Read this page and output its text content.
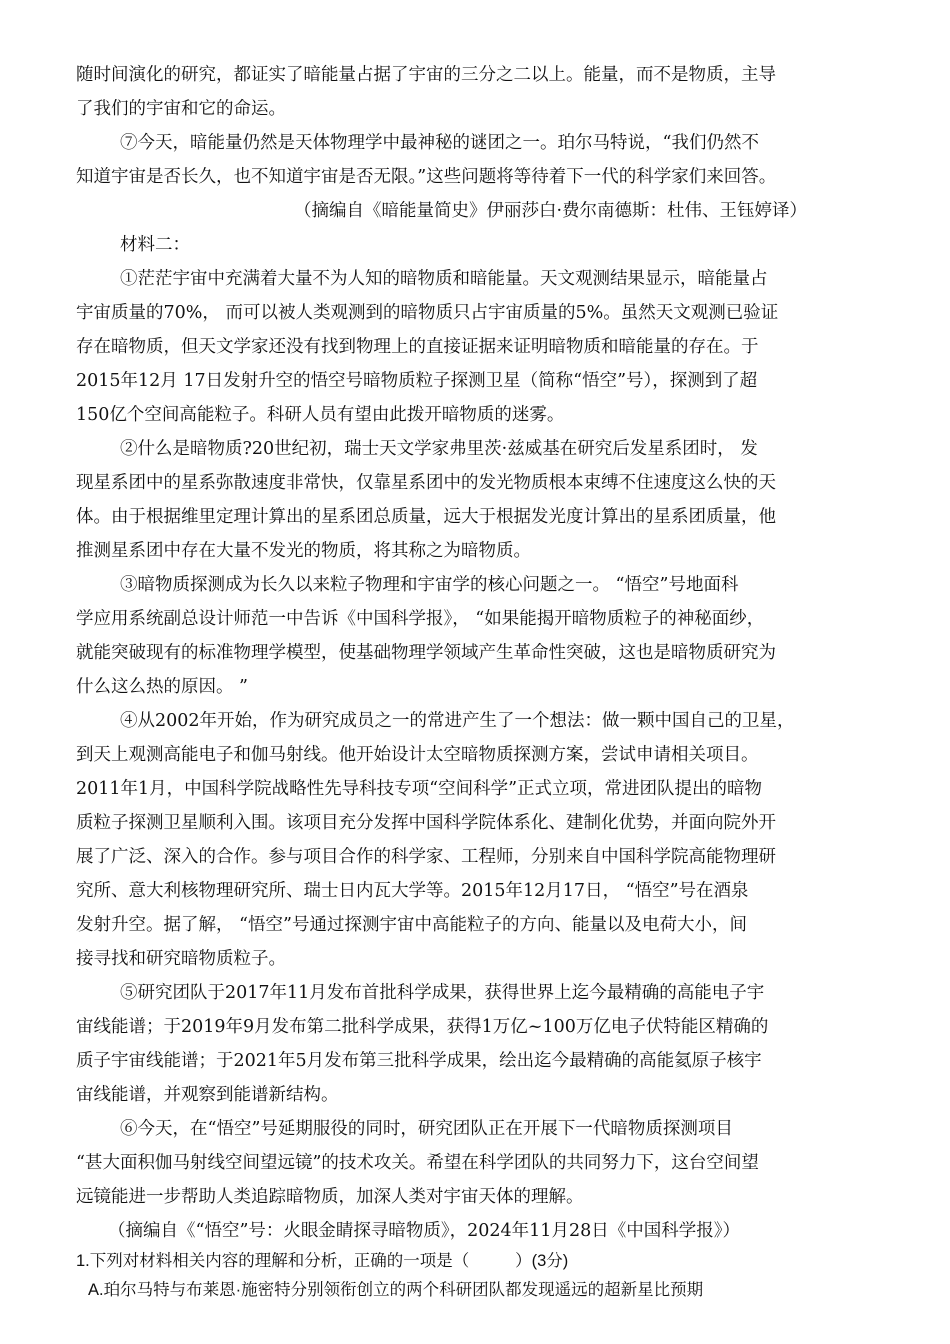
随时间演化的研究，都证实了暗能量占据了宇宙的三分之二以上。能量，而不是物质，主导

了我们的宇宙和它的命运。

⑦今天，暗能量仍然是天体物理学中最神秘的谜团之一。珀尔马特说，“我们仍然不

知道宇宙是否长久，也不知道宇宙是否无限。”这些问题将等待着下一代的科学家们来回答。

（摘编自《暗能量简史》伊丽莎白·费尔南德斯：杜伟、王钰婷译）

材料二：

①茫茫宇宙中充满着大量不为人知的暗物质和暗能量。天文观测结果显示，暗能量占

宇宙质量的70%， 而可以被人类观测到的暗物质只占宇宙质量的5%。虽然天文观测已验证

存在暗物质，但天文学家还没有找到物理上的直接证据来证明暗物质和暗能量的存在。于

2015年12月 17日发射升空的悟空号暗物质粒子探测卫星（简称“悟空”号），探测到了超

150亿个空间高能粒子。科研人员有望由此拨开暗物质的迷雾。

②什么是暗物质?20世纪初，瑞士天文学家弗里茨·兹威基在研究后发星系团时， 发

现星系团中的星系弥散速度非常快，仅靠星系团中的发光物质根本束缚不住速度这么快的天

体。由于根据维里定理计算出的星系团总质量，远大于根据发光度计算出的星系团质量，他

推测星系团中存在大量不发光的物质，将其称之为暗物质。

③暗物质探测成为长久以来粒子物理和宇宙学的核心问题之一。 “悟空”号地面科

学应用系统副总设计师范一中告诉《中国科学报》， “如果能揭开暗物质粒子的神秘面纱，

就能突破现有的标准物理学模型，使基础物理学领域产生革命性突破，这也是暗物质研究为

什么这么热的原因。 ”

④从2002年开始，作为研究成员之一的常进产生了一个想法：做一颗中国自己的卫星，

到天上观测高能电子和伽马射线。他开始设计太空暗物质探测方案，尝试申请相关项目。

2011年1月，中国科学院战略性先导科技专项“空间科学”正式立项，常进团队提出的暗物

质粒子探测卫星顺利入围。该项目充分发挥中国科学院体系化、建制化优势，并面向院外开

展了广泛、深入的合作。参与项目合作的科学家、工程师，分别来自中国科学院高能物理研

究所、意大利核物理研究所、瑞士日内瓦大学等。2015年12月17日， “悟空”号在酒泉

发射升空。据了解， “悟空”号通过探测宇宙中高能粒子的方向、能量以及电荷大小，间

接寻找和研究暗物质粒子。

⑤研究团队于2017年11月发布首批科学成果，获得世界上迄今最精确的高能电子宇

宙线能谱；于2019年9月发布第二批科学成果，获得1万亿~100万亿电子伏特能区精确的

质子宇宙线能谱；于2021年5月发布第三批科学成果，绘出迄今最精确的高能氦原子核宇

宙线能谱，并观察到能谱新结构。

⑥今天，在“悟空”号延期服役的同时，研究团队正在开展下一代暗物质探测项目

“甚大面积伽马射线空间望远镜”的技术攻关。希望在科学团队的共同努力下，这台空间望

远镜能进一步帮助人类追踪暗物质，加深人类对宇宙天体的理解。

（摘编自《“悟空”号：火眼金睛探寻暗物质》，2024年11月28日《中国科学报》）

1.下列对材料相关内容的理解和分析，正确的一项是（          ）(3分)

A.珀尔马特与布莱恩·施密特分别领衔创立的两个科研团队都发现遥远的超新星比预期
